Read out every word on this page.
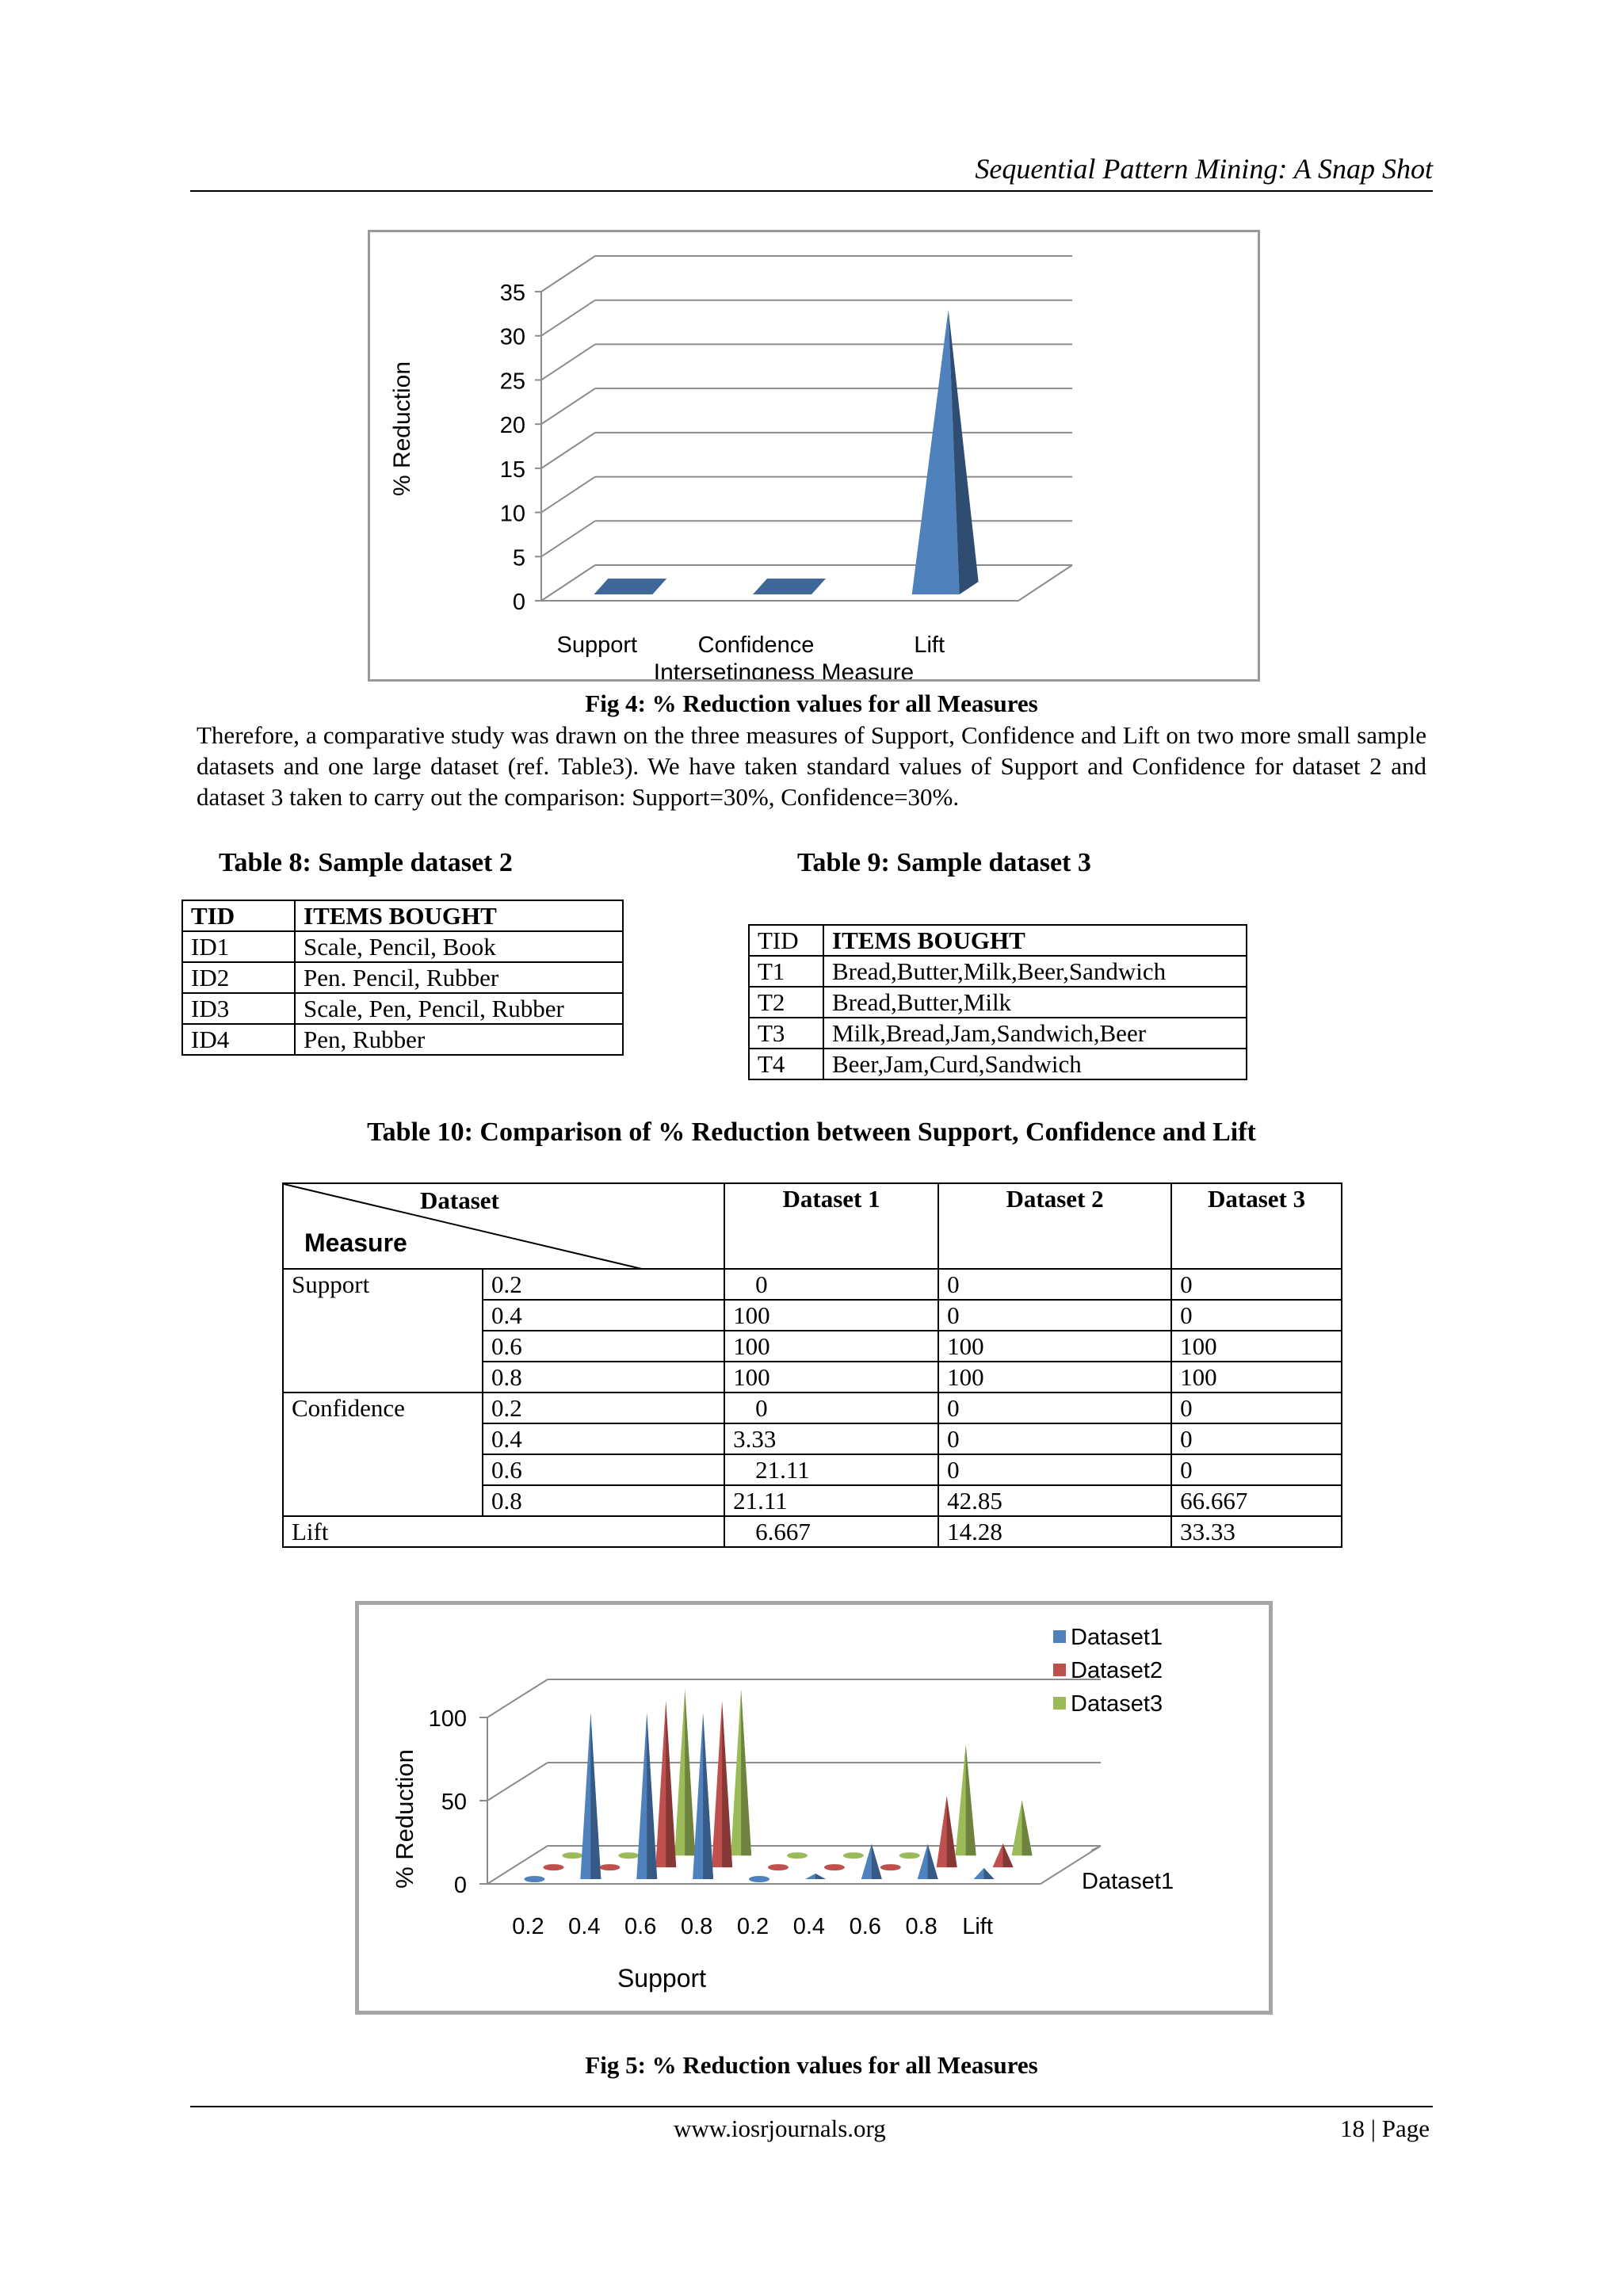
Sequential Pattern Mining: A Snap Shot
0
5
10
15
20
25
30
35
Support	Confidence	Lift
Intersetingness Measure
% Reduction
Fig 4: % Reduction values for all Measures
Therefore, a comparative study was drawn on the three measures of Support, Confidence and Lift on two more small sample datasets and one large dataset (ref. Table3). We have taken standard values of Support and Confidence for dataset 2 and dataset 3 taken to carry out the comparison: Support=30%, Confidence=30%.
Table 8: Sample dataset 2
TID	ITEMS BOUGHT
ID1	Scale, Pencil, Book
ID2	Pen. Pencil, Rubber
ID3	Scale, Pen, Pencil, Rubber
ID4	Pen, Rubber
Table 9: Sample dataset 3
TID	ITEMS BOUGHT
T1	Bread,Butter,Milk,Beer,Sandwich
T2	Bread,Butter,Milk
T3	Milk,Bread,Jam,Sandwich,Beer
T4	Beer,Jam,Curd,Sandwich
Table 10: Comparison of % Reduction between Support, Confidence and Lift
Dataset
Measure		Dataset 1	Dataset 2	Dataset 3
Support	0.2	0	0	0
	0.4	100	0	0
	0.6	100	100	100
	0.8	100	100	100
Confidence	0.2	0	0	0
	0.4	3.33	0	0
	0.6	21.11	0	0
	0.8	21.11	42.85	66.667
Lift		6.667	14.28	33.33
0
50
100
0.2 0.4 0.6 0.8 0.2 0.4 0.6 0.8 Lift
Support
% Reduction	Dataset1
Dataset1
Dataset2
Dataset3
Fig 5: % Reduction values for all Measures
www.iosrjournals.org	18 | Page
